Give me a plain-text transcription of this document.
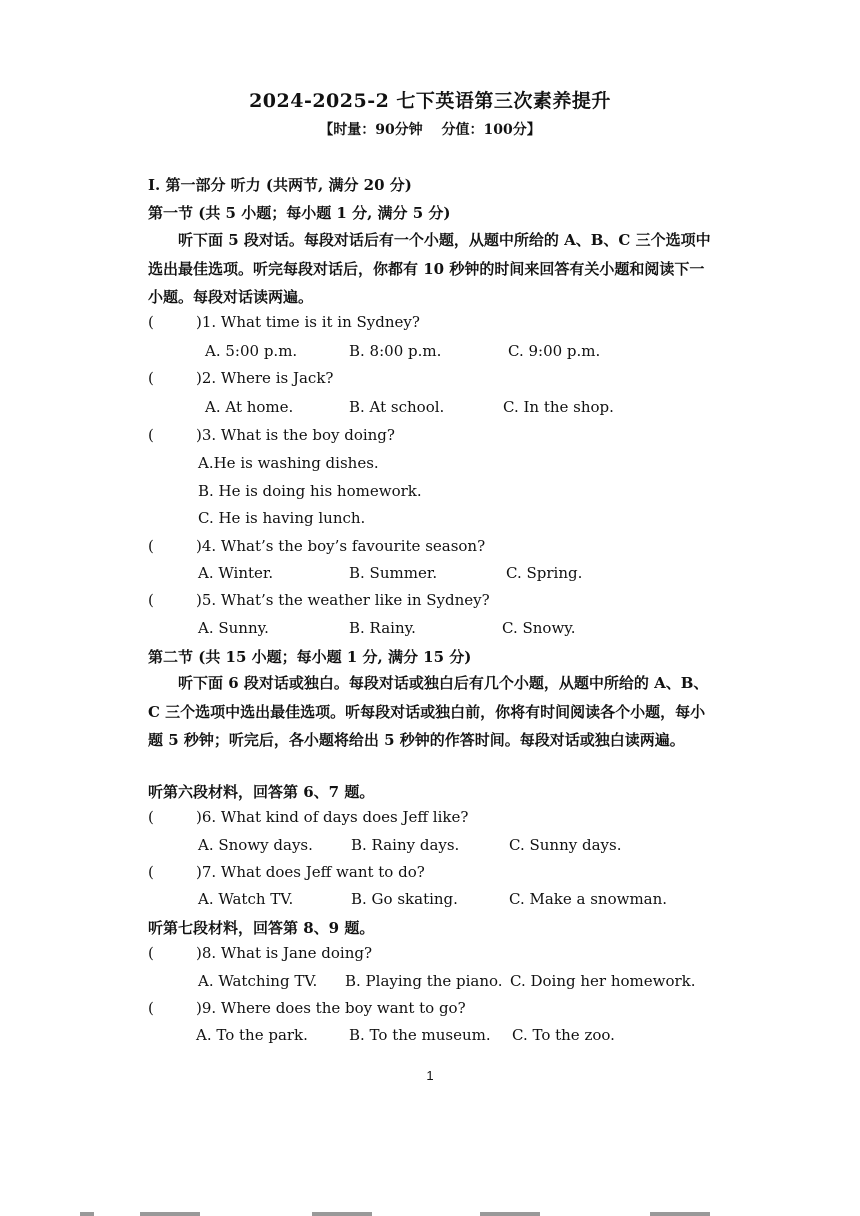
2024-2025-2 七下英语第三次素养提升
【时量：90分钟　 分值：100分】
I. 第一部分 听力 (共两节, 满分 20 分)
第一节 (共 5 小题；每小题 1 分, 满分 5 分)
听下面 5 段对话。每段对话后有一个小题，从题中所给的 A、B、C 三个选项中选出最佳选项。听完每段对话后，你都有 10 秒钟的时间来回答有关小题和阅读下一小题。每段对话读两遍。
(	)1. What time is it in Sydney?
A. 5:00 p.m.	B. 8:00 p.m.	C. 9:00 p.m.
(	)2. Where is Jack?
A. At home.	B. At school.	C. In the shop.
(	)3. What is the boy doing?
A.He is washing dishes.
B. He is doing his homework.
C. He is having lunch.
(	)4. What’s the boy’s favourite season?
A. Winter.	B. Summer.	C. Spring.
(	)5. What’s the weather like in Sydney?
A. Sunny.	B. Rainy.	C. Snowy.
第二节 (共 15 小题；每小题 1 分, 满分 15 分)
听下面 6 段对话或独白。每段对话或独白后有几个小题，从题中所给的 A、B、C 三个选项中选出最佳选项。听每段对话或独白前，你将有时间阅读各个小题，每小题 5 秒钟；听完后，各小题将给出 5 秒钟的作答时间。每段对话或独白读两遍。
听第六段材料，回答第 6、7 题。
(	)6. What kind of days does Jeff like?
A. Snowy days.	B. Rainy days.	C. Sunny days.
(	)7. What does Jeff want to do?
A. Watch TV.	B. Go skating.	C. Make a snowman.
听第七段材料，回答第 8、9 题。
(	)8. What is Jane doing?
A. Watching TV. B. Playing the piano. C. Doing her homework.
(	)9. Where does the boy want to go?
A. To the park.	B. To the museum. C. To the zoo.
1
